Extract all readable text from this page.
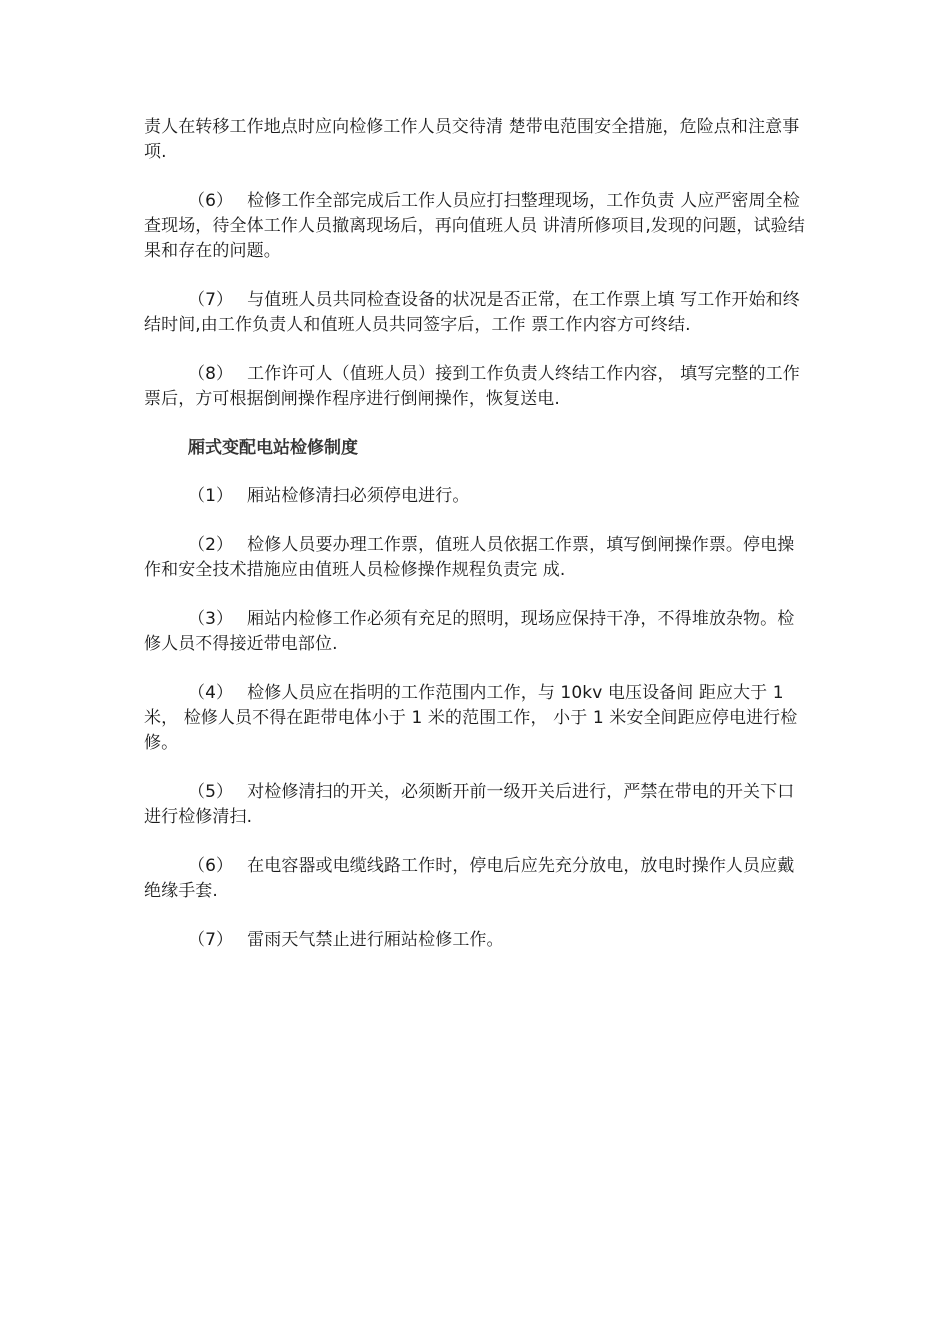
责人在转移工作地点时应向检修工作人员交待清 楚带电范围安全措施，危险点和注意事项.

（6） 检修工作全部完成后工作人员应打扫整理现场，工作负责 人应严密周全检查现场，待全体工作人员撤离现场后，再向值班人员 讲清所修项目,发现的问题，试验结果和存在的问题。

（7） 与值班人员共同检查设备的状况是否正常，在工作票上填 写工作开始和终结时间,由工作负责人和值班人员共同签字后，工作 票工作内容方可终结.

（8） 工作许可人（值班人员）接到工作负责人终结工作内容， 填写完整的工作票后，方可根据倒闸操作程序进行倒闸操作，恢复送电.

厢式变配电站检修制度

（1） 厢站检修清扫必须停电进行。

（2） 检修人员要办理工作票，值班人员依据工作票，填写倒闸操作票。停电操作和安全技术措施应由值班人员检修操作规程负责完 成.

（3） 厢站内检修工作必须有充足的照明，现场应保持干净，不得堆放杂物。检修人员不得接近带电部位.

（4） 检修人员应在指明的工作范围内工作，与 10kv 电压设备间 距应大于 1 米， 检修人员不得在距带电体小于 1 米的范围工作， 小于 1 米安全间距应停电进行检修。

（5） 对检修清扫的开关，必须断开前一级开关后进行，严禁在带电的开关下口进行检修清扫.

（6） 在电容器或电缆线路工作时，停电后应先充分放电，放电时操作人员应戴绝缘手套.

（7） 雷雨天气禁止进行厢站检修工作。
